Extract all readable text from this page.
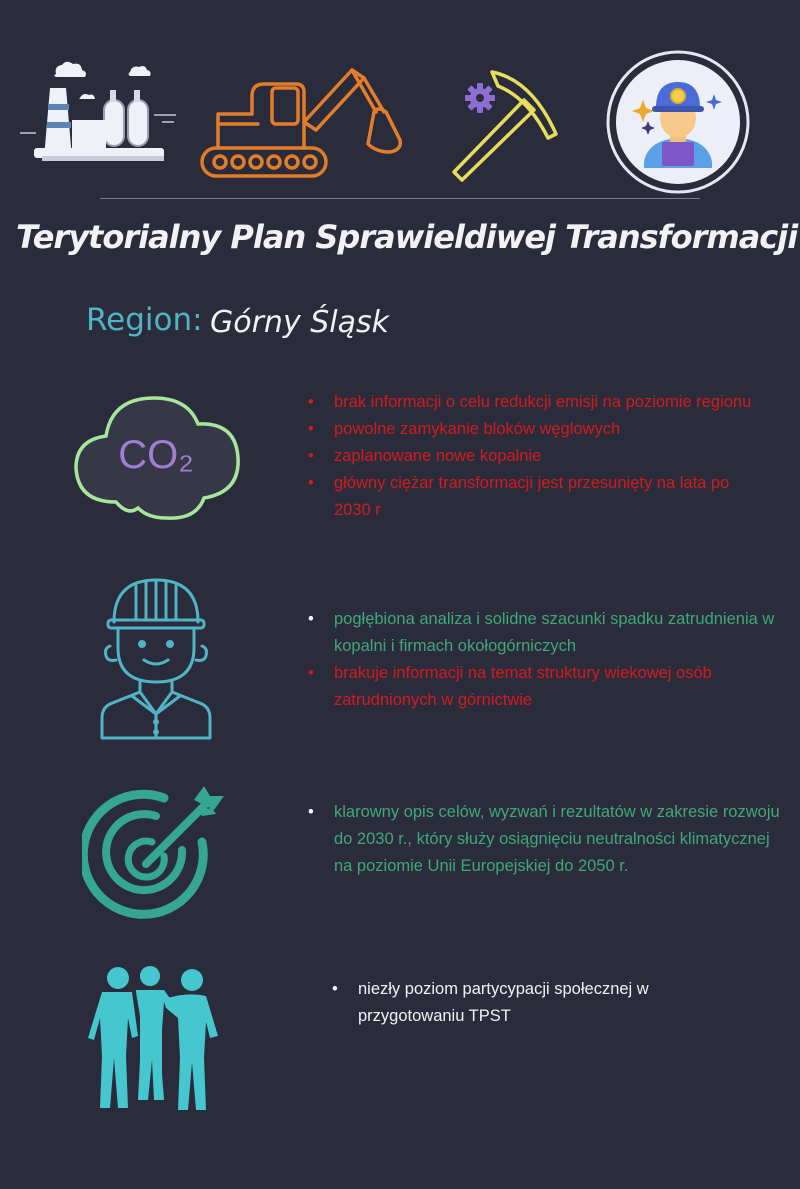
Terytorialny Plan Sprawieldiwej Transformacji
Region: Górny Śląsk
CO₂
• brak informacji o celu redukcji emisji na poziomie regionu
• powolne zamykanie bloków węglowych
• zaplanowane nowe kopalnie
• główny ciężar transformacji jest przesunięty na lata po 2030 r
• pogłębiona analiza i solidne szacunki spadku zatrudnienia w kopalni i firmach okołogórniczych
• brakuje informacji na temat struktury wiekowej osób zatrudnionych w górnictwie
• klarowny opis celów, wyzwań i rezultatów w zakresie rozwoju do 2030 r., który służy osiągnięciu neutralności klimatycznej na poziomie Unii Europejskiej do 2050 r.
• niezły poziom partycypacji społecznej w przygotowaniu TPST
